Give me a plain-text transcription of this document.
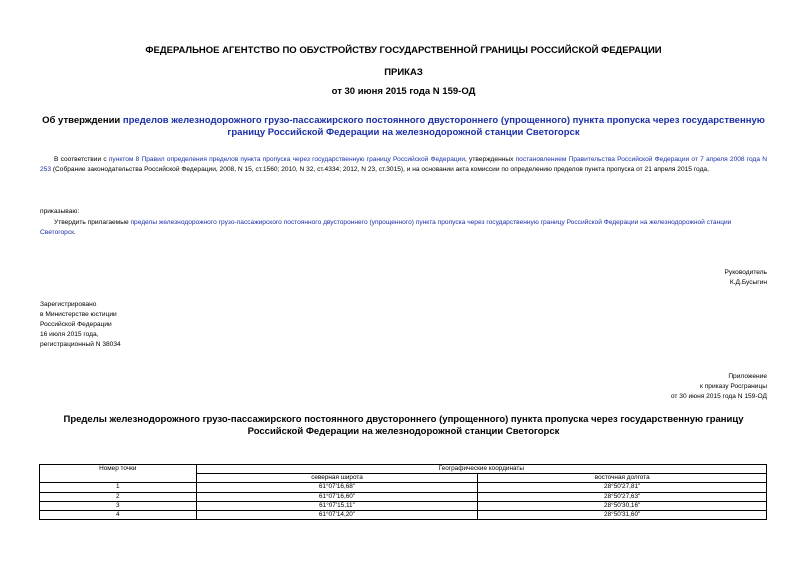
ФЕДЕРАЛЬНОЕ АГЕНТСТВО ПО ОБУСТРОЙСТВУ ГОСУДАРСТВЕННОЙ ГРАНИЦЫ РОССИЙСКОЙ ФЕДЕРАЦИИ
ПРИКАЗ
от 30 июня 2015 года N 159-ОД
Об утверждении пределов железнодорожного грузо-пассажирского постоянного двустороннего (упрощенного) пункта пропуска через государственную границу Российской Федерации на железнодорожной станции Светогорск
В соответствии с пунктом 8 Правил определения пределов пункта пропуска через государственную границу Российской Федерации, утвержденных постановлением Правительства Российской Федерации от 7 апреля 2008 года N 253 (Собрание законодательства Российской Федерации, 2008, N 15, ст.1560; 2010, N 32, ст.4334; 2012, N 23, ст.3015), и на основании акта комиссии по определению пределов пункта пропуска от 21 апреля 2015 года,
приказываю:
Утвердить прилагаемые пределы железнодорожного грузо-пассажирского постоянного двустороннего (упрощенного) пункта пропуска через государственную границу Российской Федерации на железнодорожной станции Светогорск.
Руководитель
К.Д.Бусыгин
Зарегистрировано
в Министерстве юстиции
Российской Федерации
16 июля 2015 года,
регистрационный N 38034
Приложение
к приказу Росграницы
от 30 июня 2015 года N 159-ОД
Пределы железнодорожного грузо-пассажирского постоянного двустороннего (упрощенного) пункта пропуска через государственную границу Российской Федерации на железнодорожной станции Светогорск
Номер точки	Географические координаты	
	северная широта	восточная долгота
1	61°07'16,68"	28°50'27,81"
2	61°07'16,60"	28°50'27,63"
3	61°07'15,11"	28°50'30,16"
4	61°07'14,20"	28°50'31,60"
